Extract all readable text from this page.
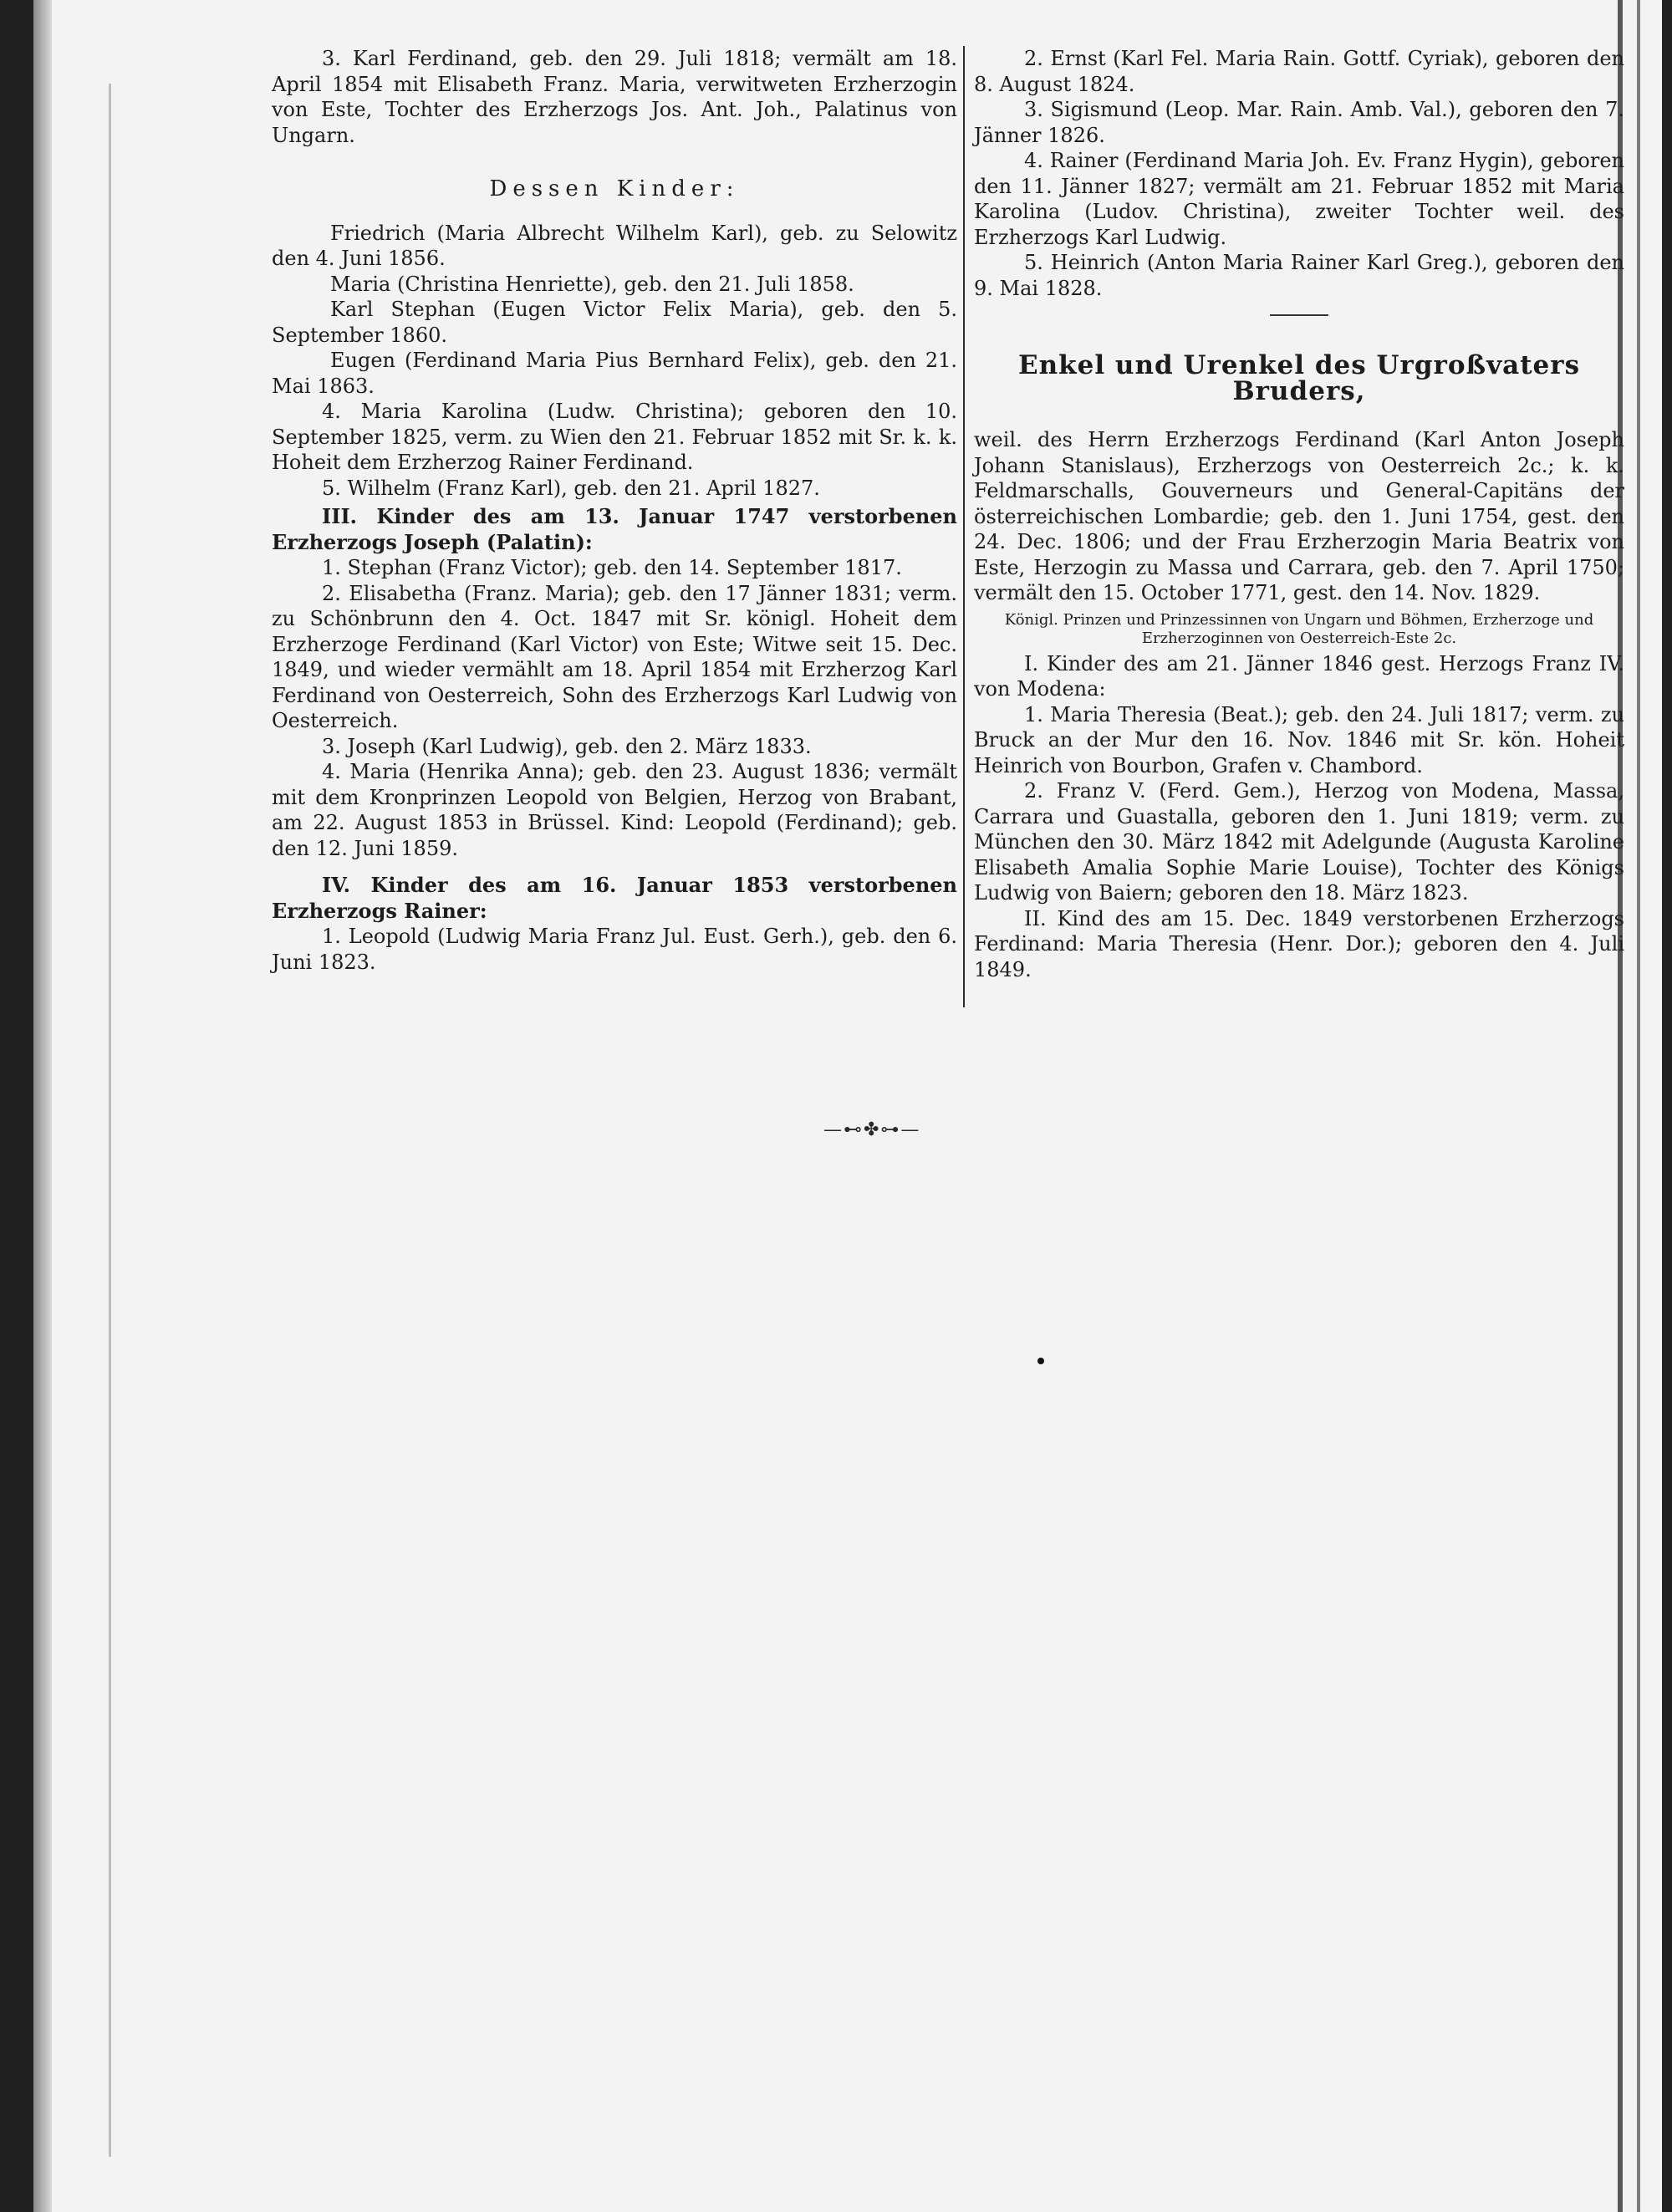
3. Karl Ferdinand, geb. den 29. Juli 1818; vermält am 18. April 1854 mit Elisabeth Franz. Maria, verwitweten Erzherzogin von Este, Tochter des Erzherzogs Jos. Ant. Joh., Palatinus von Ungarn.

Dessen Kinder:

Friedrich (Maria Albrecht Wilhelm Karl), geb. zu Selowitz den 4. Juni 1856.

Maria (Christina Henriette), geb. den 21. Juli 1858.

Karl Stephan (Eugen Victor Felix Maria), geb. den 5. September 1860.

Eugen (Ferdinand Maria Pius Bernhard Felix), geb. den 21. Mai 1863.

4. Maria Karolina (Ludw. Christina); geboren den 10. September 1825, verm. zu Wien den 21. Februar 1852 mit Sr. k. k. Hoheit dem Erzherzog Rainer Ferdinand.

5. Wilhelm (Franz Karl), geb. den 21. April 1827.

III. Kinder des am 13. Januar 1747 verstorbenen Erzherzogs Joseph (Palatin):

1. Stephan (Franz Victor); geb. den 14. September 1817.

2. Elisabetha (Franz. Maria); geb. den 17 Jänner 1831; verm. zu Schönbrunn den 4. Oct. 1847 mit Sr. königl. Hoheit dem Erzherzoge Ferdinand (Karl Victor) von Este; Witwe seit 15. Dec. 1849, und wieder vermählt am 18. April 1854 mit Erzherzog Karl Ferdinand von Oesterreich, Sohn des Erzherzogs Karl Ludwig von Oesterreich.

3. Joseph (Karl Ludwig), geb. den 2. März 1833.

4. Maria (Henrika Anna); geb. den 23. August 1836; vermält mit dem Kronprinzen Leopold von Belgien, Herzog von Brabant, am 22. August 1853 in Brüssel. Kind: Leopold (Ferdinand); geb. den 12. Juni 1859.

IV. Kinder des am 16. Januar 1853 verstorbenen Erzherzogs Rainer:

1. Leopold (Ludwig Maria Franz Jul. Eust. Gerh.), geb. den 6. Juni 1823.

2. Ernst (Karl Fel. Maria Rain. Gottf. Cyriak), geboren den 8. August 1824.

3. Sigismund (Leop. Mar. Rain. Amb. Val.), geboren den 7. Jänner 1826.

4. Rainer (Ferdinand Maria Joh. Ev. Franz Hygin), geboren den 11. Jänner 1827; vermält am 21. Februar 1852 mit Maria Karolina (Ludov. Christina), zweiter Tochter weil. des Erzherzogs Karl Ludwig.

5. Heinrich (Anton Maria Rainer Karl Greg.), geboren den 9. Mai 1828.

Enkel und Urenkel des Urgroßvaters Bruders,

weil. des Herrn Erzherzogs Ferdinand (Karl Anton Joseph Johann Stanislaus), Erzherzogs von Oesterreich 2c.; k. k. Feldmarschalls, Gouverneurs und General-Capitäns der österreichischen Lombardie; geb. den 1. Juni 1754, gest. den 24. Dec. 1806; und der Frau Erzherzogin Maria Beatrix von Este, Herzogin zu Massa und Carrara, geb. den 7. April 1750; vermält den 15. October 1771, gest. den 14. Nov. 1829.

Königl. Prinzen und Prinzessinnen von Ungarn und Böhmen, Erzherzoge und Erzherzoginnen von Oesterreich-Este 2c.

I. Kinder des am 21. Jänner 1846 gest. Herzogs Franz IV. von Modena:

1. Maria Theresia (Beat.); geb. den 24. Juli 1817; verm. zu Bruck an der Mur den 16. Nov. 1846 mit Sr. kön. Hoheit Heinrich von Bourbon, Grafen v. Chambord.

2. Franz V. (Ferd. Gem.), Herzog von Modena, Massa, Carrara und Guastalla, geboren den 1. Juni 1819; verm. zu München den 30. März 1842 mit Adelgunde (Augusta Karoline Elisabeth Amalia Sophie Marie Louise), Tochter des Königs Ludwig von Baiern; geboren den 18. März 1823.

II. Kind des am 15. Dec. 1849 verstorbenen Erzherzogs Ferdinand: Maria Theresia (Henr. Dor.); geboren den 4. Juli 1849.

—⊷✤⊶—
